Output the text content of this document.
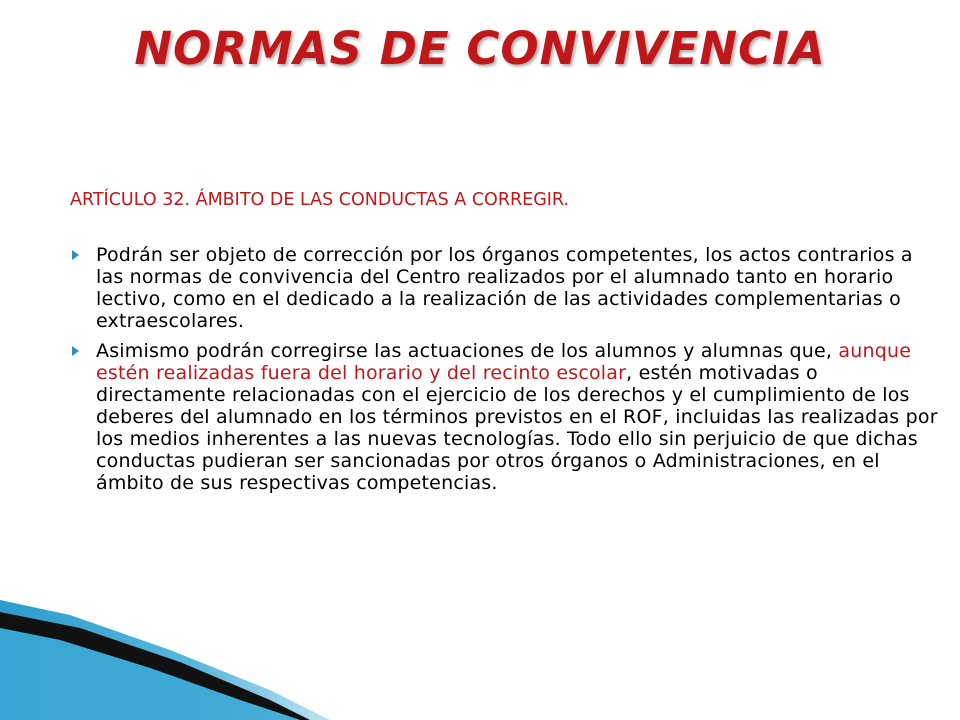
NORMAS DE CONVIVENCIA
ARTÍCULO 32. ÁMBITO DE LAS CONDUCTAS A CORREGIR.
Podrán ser objeto de corrección por los órganos competentes, los actos contrarios a las normas de convivencia del Centro realizados por el alumnado tanto en horario lectivo, como en el dedicado a la realización de las actividades complementarias o extraescolares.
Asimismo podrán corregirse las actuaciones de los alumnos y alumnas que, aunque estén realizadas fuera del horario y del recinto escolar, estén motivadas o directamente relacionadas con el ejercicio de los derechos y el cumplimiento de los deberes del alumnado en los términos previstos en el ROF, incluidas las realizadas por los medios inherentes a las nuevas tecnologías. Todo ello sin perjuicio de que dichas conductas pudieran ser sancionadas por otros órganos o Administraciones, en el ámbito de sus respectivas competencias.
